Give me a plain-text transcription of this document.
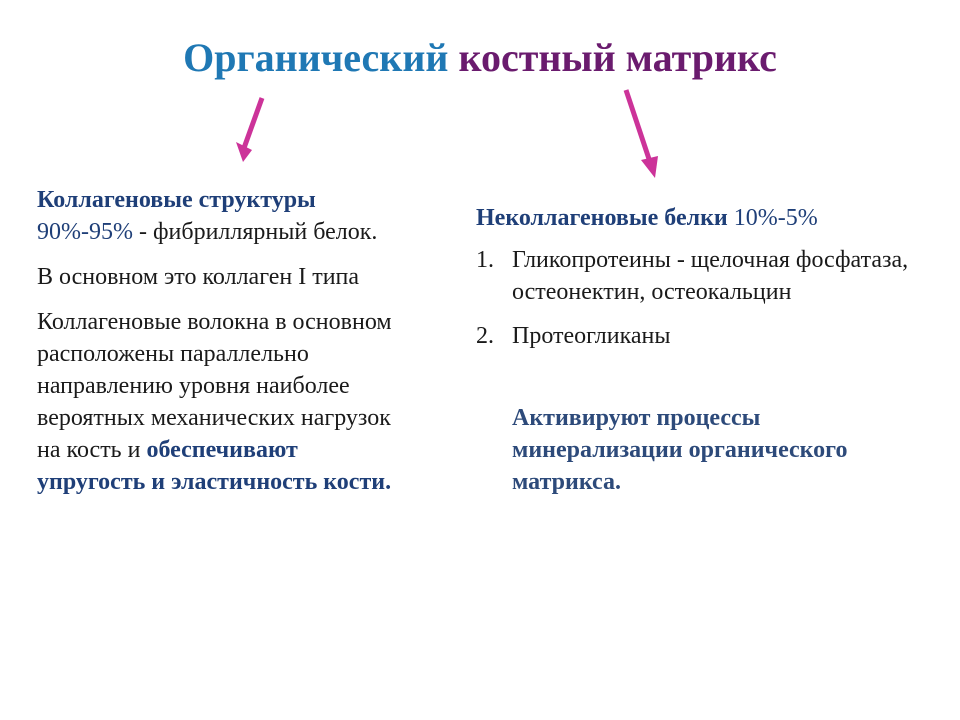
Органический костный матрикс

Коллагеновые структуры
90%-95% - фибриллярный белок.

В основном это коллаген I типа

Коллагеновые волокна в основном расположены параллельно направлению уровня наиболее вероятных механических нагрузок на кость и обеспечивают упругость и эластичность кости.

Неколлагеновые белки 10%-5%

1. Гликопротеины - щелочная фосфатаза, остеонектин, остеокальцин
2. Протеогликаны

Активируют процессы минерализации органического матрикса.
